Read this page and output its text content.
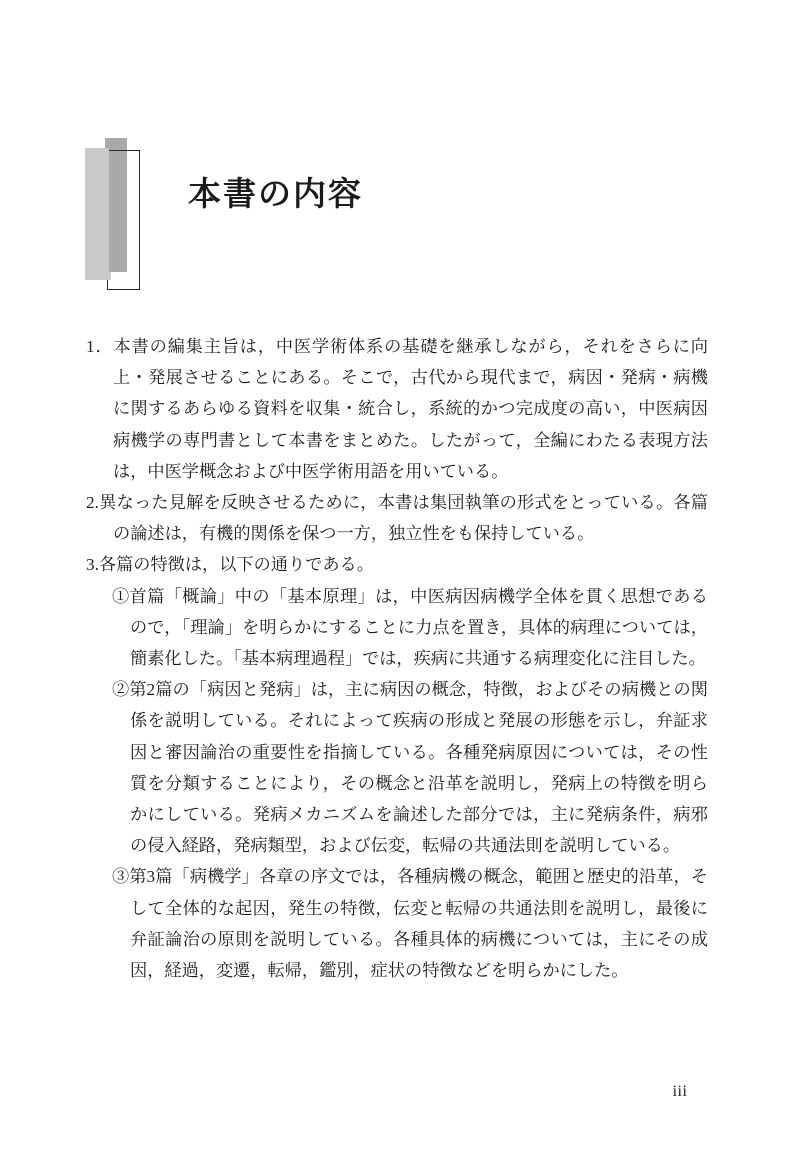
本書の内容

1．本書の編集主旨は，中医学術体系の基礎を継承しながら，それをさらに向上・発展させることにある。そこで，古代から現代まで，病因・発病・病機に関するあらゆる資料を収集・統合し，系統的かつ完成度の高い，中医病因病機学の専門書として本書をまとめた。したがって，全編にわたる表現方法は，中医学概念および中医学術用語を用いている。

2.異なった見解を反映させるために，本書は集団執筆の形式をとっている。各篇の論述は，有機的関係を保つ一方，独立性をも保持している。

3.各篇の特徴は，以下の通りである。

①首篇「概論」中の「基本原理」は，中医病因病機学全体を貫く思想であるので，「理論」を明らかにすることに力点を置き，具体的病理については，簡素化した。「基本病理過程」では，疾病に共通する病理変化に注目した。

②第2篇の「病因と発病」は，主に病因の概念，特徴，およびその病機との関係を説明している。それによって疾病の形成と発展の形態を示し，弁証求因と審因論治の重要性を指摘している。各種発病原因については，その性質を分類することにより，その概念と沿革を説明し，発病上の特徴を明らかにしている。発病メカニズムを論述した部分では，主に発病条件，病邪の侵入経路，発病類型，および伝変，転帰の共通法則を説明している。

③第3篇「病機学」各章の序文では，各種病機の概念，範囲と歴史的沿革，そして全体的な起因，発生の特徴，伝変と転帰の共通法則を説明し，最後に弁証論治の原則を説明している。各種具体的病機については，主にその成因，経過，変遷，転帰，鑑別，症状の特徴などを明らかにした。

iii
